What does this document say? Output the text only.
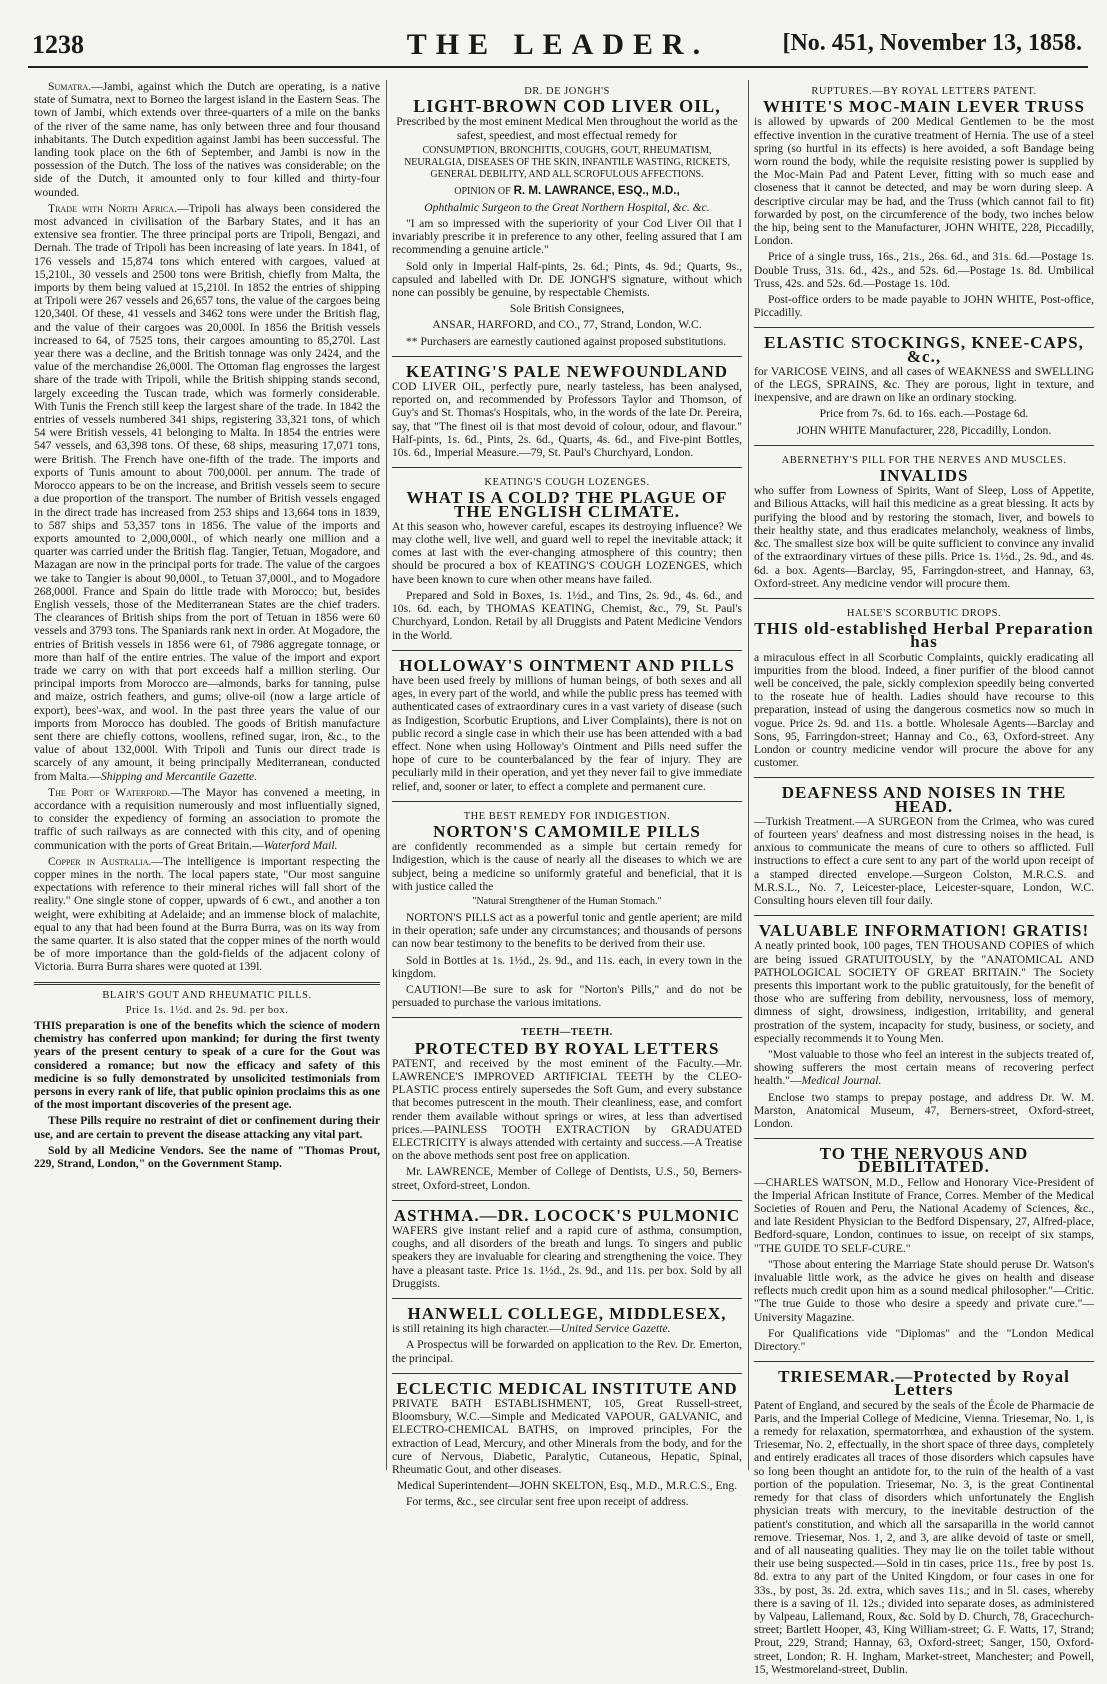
1238	THE LEADER.	[No. 451, November 13, 1858.

Sumatra.—Jambi, against which the Dutch are operating, is a native state of Sumatra, next to Borneo the largest island in the Eastern Seas. The town of Jambi, which extends over three-quarters of a mile on the banks of the river of the same name, has only between three and four thousand inhabitants. The Dutch expedition against Jambi has been successful. The landing took place on the 6th of September, and Jambi is now in the possession of the Dutch. The loss of the natives was considerable; on the side of the Dutch, it amounted only to four killed and thirty-four wounded.

Trade with North Africa.—Tripoli has always been considered the most advanced in civilisation of the Barbary States, and it has an extensive sea frontier. The three principal ports are Tripoli, Bengazi, and Dernah. The trade of Tripoli has been increasing of late years. In 1841, of 176 vessels and 15,874 tons which entered with cargoes, valued at 15,210l., 30 vessels and 2500 tons were British, chiefly from Malta, the imports by them being valued at 15,210l. In 1852 the entries of shipping at Tripoli were 267 vessels and 26,657 tons, the value of the cargoes being 120,340l. Of these, 41 vessels and 3462 tons were under the British flag, and the value of their cargoes was 20,000l. In 1856 the British vessels increased to 64, of 7525 tons, their cargoes amounting to 85,270l. Last year there was a decline, and the British tonnage was only 2424, and the value of the merchandise 26,000l. The Ottoman flag engrosses the largest share of the trade with Tripoli, while the British shipping stands second, largely exceeding the Tuscan trade, which was formerly considerable. With Tunis the French still keep the largest share of the trade. In 1842 the entries of vessels numbered 341 ships, registering 33,321 tons, of which 54 were British vessels, 41 belonging to Malta. In 1854 the entries were 547 vessels, and 63,398 tons. Of these, 68 ships, measuring 17,071 tons, were British. The French have one-fifth of the trade. The imports and exports of Tunis amount to about 700,000l. per annum. The trade of Morocco appears to be on the increase, and British vessels seem to secure a due proportion of the transport. The number of British vessels engaged in the direct trade has increased from 253 ships and 13,664 tons in 1839, to 587 ships and 53,357 tons in 1856. The value of the imports and exports amounted to 2,000,000l., of which nearly one million and a quarter was carried under the British flag. Tangier, Tetuan, Mogadore, and Mazagan are now in the principal ports for trade. The value of the cargoes we take to Tangier is about 90,000l., to Tetuan 37,000l., and to Mogadore 268,000l. France and Spain do little trade with Morocco; but, besides English vessels, those of the Mediterranean States are the chief traders. The clearances of British ships from the port of Tetuan in 1856 were 60 vessels and 3793 tons. The Spaniards rank next in order. At Mogadore, the entries of British vessels in 1856 were 61, of 7986 aggregate tonnage, or more than half of the entire entries. The value of the import and export trade we carry on with that port exceeds half a million sterling. Our principal imports from Morocco are—almonds, barks for tanning, pulse and maize, ostrich feathers, and gums; olive-oil (now a large article of export), bees'-wax, and wool. In the past three years the value of our imports from Morocco has doubled. The goods of British manufacture sent there are chiefly cottons, woollens, refined sugar, iron, &c., to the value of about 132,000l. With Tripoli and Tunis our direct trade is scarcely of any amount, it being principally Mediterranean, conducted from Malta.—Shipping and Mercantile Gazette.

The Port of Waterford.—The Mayor has convened a meeting, in accordance with a requisition numerously and most influentially signed, to consider the expediency of forming an association to promote the traffic of such railways as are connected with this city, and of opening communication with the ports of Great Britain.—Waterford Mail.

Copper in Australia.—The intelligence is important respecting the copper mines in the north. The local papers state, "Our most sanguine expectations with reference to their mineral riches will fall short of the reality." One single stone of copper, upwards of 6 cwt., and another a ton weight, were exhibiting at Adelaide; and an immense block of malachite, equal to any that had been found at the Burra Burra, was on its way from the same quarter. It is also stated that the copper mines of the north would be of more importance than the gold-fields of the adjacent colony of Victoria. Burra Burra shares were quoted at 139l.

BLAIR'S GOUT AND RHEUMATIC PILLS.
Price 1s. 1½d. and 2s. 9d. per box.

THIS preparation is one of the benefits which the science of modern chemistry has conferred upon mankind; for during the first twenty years of the present century to speak of a cure for the Gout was considered a romance; but now the efficacy and safety of this medicine is so fully demonstrated by unsolicited testimonials from persons in every rank of life, that public opinion proclaims this as one of the most important discoveries of the present age.

These Pills require no restraint of diet or confinement during their use, and are certain to prevent the disease attacking any vital part.

Sold by all Medicine Vendors. See the name of "Thomas Prout, 229, Strand, London," on the Government Stamp.

DR. DE JONGH'S
LIGHT-BROWN COD LIVER OIL,

Prescribed by the most eminent Medical Men throughout the world as the safest, speediest, and most effectual remedy for

CONSUMPTION, BRONCHITIS, COUGHS, GOUT, RHEUMATISM, NEURALGIA, DISEASES OF THE SKIN, INFANTILE WASTING, RICKETS, GENERAL DEBILITY, AND ALL SCROFULOUS AFFECTIONS.

OPINION OF R. M. LAWRANCE, ESQ., M.D.,

Ophthalmic Surgeon to the Great Northern Hospital, &c. &c.

"I am so impressed with the superiority of your Cod Liver Oil that I invariably prescribe it in preference to any other, feeling assured that I am recommending a genuine article."

Sold only in Imperial Half-pints, 2s. 6d.; Pints, 4s. 9d.; Quarts, 9s., capsuled and labelled with Dr. DE JONGH'S signature, without which none can possibly be genuine, by respectable Chemists.

Sole British Consignees,

ANSAR, HARFORD, and CO., 77, Strand, London, W.C.

** Purchasers are earnestly cautioned against proposed substitutions.

KEATING'S PALE NEWFOUNDLAND

COD LIVER OIL, perfectly pure, nearly tasteless, has been analysed, reported on, and recommended by Professors Taylor and Thomson, of Guy's and St. Thomas's Hospitals, who, in the words of the late Dr. Pereira, say, that "The finest oil is that most devoid of colour, odour, and flavour." Half-pints, 1s. 6d., Pints, 2s. 6d., Quarts, 4s. 6d., and Five-pint Bottles, 10s. 6d., Imperial Measure.—79, St. Paul's Churchyard, London.

KEATING'S COUGH LOZENGES.
WHAT IS A COLD? THE PLAGUE OF THE ENGLISH CLIMATE.

At this season who, however careful, escapes its destroying influence? We may clothe well, live well, and guard well to repel the inevitable attack; it comes at last with the ever-changing atmosphere of this country; then should be procured a box of KEATING'S COUGH LOZENGES, which have been known to cure when other means have failed.

Prepared and Sold in Boxes, 1s. 1½d., and Tins, 2s. 9d., 4s. 6d., and 10s. 6d. each, by THOMAS KEATING, Chemist, &c., 79, St. Paul's Churchyard, London. Retail by all Druggists and Patent Medicine Vendors in the World.

HOLLOWAY'S OINTMENT AND PILLS

have been used freely by millions of human beings, of both sexes and all ages, in every part of the world, and while the public press has teemed with authenticated cases of extraordinary cures in a vast variety of disease (such as Indigestion, Scorbutic Eruptions, and Liver Complaints), there is not on public record a single case in which their use has been attended with a bad effect. None when using Holloway's Ointment and Pills need suffer the hope of cure to be counterbalanced by the fear of injury. They are peculiarly mild in their operation, and yet they never fail to give immediate relief, and, sooner or later, to effect a complete and permanent cure.

THE BEST REMEDY FOR INDIGESTION.
NORTON'S CAMOMILE PILLS

are confidently recommended as a simple but certain remedy for Indigestion, which is the cause of nearly all the diseases to which we are subject, being a medicine so uniformly grateful and beneficial, that it is with justice called the

"Natural Strengthener of the Human Stomach."

NORTON'S PILLS act as a powerful tonic and gentle aperient; are mild in their operation; safe under any circumstances; and thousands of persons can now bear testimony to the benefits to be derived from their use.

Sold in Bottles at 1s. 1½d., 2s. 9d., and 11s. each, in every town in the kingdom.

CAUTION!—Be sure to ask for "Norton's Pills," and do not be persuaded to purchase the various imitations.

TEETH—TEETH.
PROTECTED BY ROYAL LETTERS

PATENT, and received by the most eminent of the Faculty.—Mr. LAWRENCE'S IMPROVED ARTIFICIAL TEETH by the CLEO-PLASTIC process entirely supersedes the Soft Gum, and every substance that becomes putrescent in the mouth. Their cleanliness, ease, and comfort render them available without springs or wires, at less than advertised prices.—PAINLESS TOOTH EXTRACTION by GRADUATED ELECTRICITY is always attended with certainty and success.—A Treatise on the above methods sent post free on application.

Mr. LAWRENCE, Member of College of Dentists, U.S., 50, Berners-street, Oxford-street, London.

ASTHMA.—DR. LOCOCK'S PULMONIC

WAFERS give instant relief and a rapid cure of asthma, consumption, coughs, and all disorders of the breath and lungs. To singers and public speakers they are invaluable for clearing and strengthening the voice. They have a pleasant taste. Price 1s. 1½d., 2s. 9d., and 11s. per box. Sold by all Druggists.

HANWELL COLLEGE, MIDDLESEX,

is still retaining its high character.—United Service Gazette.

A Prospectus will be forwarded on application to the Rev. Dr. Emerton, the principal.

ECLECTIC MEDICAL INSTITUTE AND

PRIVATE BATH ESTABLISHMENT, 105, Great Russell-street, Bloomsbury, W.C.—Simple and Medicated VAPOUR, GALVANIC, and ELECTRO-CHEMICAL BATHS, on improved principles, For the extraction of Lead, Mercury, and other Minerals from the body, and for the cure of Nervous, Diabetic, Paralytic, Cutaneous, Hepatic, Spinal, Rheumatic Gout, and other diseases.

Medical Superintendent—JOHN SKELTON, Esq., M.D., M.R.C.S., Eng.

For terms, &c., see circular sent free upon receipt of address.

RUPTURES.—BY ROYAL LETTERS PATENT.
WHITE'S MOC-MAIN LEVER TRUSS

is allowed by upwards of 200 Medical Gentlemen to be the most effective invention in the curative treatment of Hernia. The use of a steel spring (so hurtful in its effects) is here avoided, a soft Bandage being worn round the body, while the requisite resisting power is supplied by the Moc-Main Pad and Patent Lever, fitting with so much ease and closeness that it cannot be detected, and may be worn during sleep. A descriptive circular may be had, and the Truss (which cannot fail to fit) forwarded by post, on the circumference of the body, two inches below the hip, being sent to the Manufacturer, JOHN WHITE, 228, Piccadilly, London.

Price of a single truss, 16s., 21s., 26s. 6d., and 31s. 6d.—Postage 1s. Double Truss, 31s. 6d., 42s., and 52s. 6d.—Postage 1s. 8d. Umbilical Truss, 42s. and 52s. 6d.—Postage 1s. 10d.

Post-office orders to be made payable to JOHN WHITE, Post-office, Piccadilly.

ELASTIC STOCKINGS, KNEE-CAPS, &c.,

for VARICOSE VEINS, and all cases of WEAKNESS and SWELLING of the LEGS, SPRAINS, &c. They are porous, light in texture, and inexpensive, and are drawn on like an ordinary stocking.

Price from 7s. 6d. to 16s. each.—Postage 6d.

JOHN WHITE Manufacturer, 228, Piccadilly, London.

ABERNETHY'S PILL FOR THE NERVES AND MUSCLES.
INVALIDS

who suffer from Lowness of Spirits, Want of Sleep, Loss of Appetite, and Bilious Attacks, will hail this medicine as a great blessing. It acts by purifying the blood and by restoring the stomach, liver, and bowels to their healthy state, and thus eradicates melancholy, weakness of limbs, &c. The smallest size box will be quite sufficient to convince any invalid of the extraordinary virtues of these pills. Price 1s. 1½d., 2s. 9d., and 4s. 6d. a box. Agents—Barclay, 95, Farringdon-street, and Hannay, 63, Oxford-street. Any medicine vendor will procure them.

HALSE'S SCORBUTIC DROPS.
THIS old-established Herbal Preparation has

a miraculous effect in all Scorbutic Complaints, quickly eradicating all impurities from the blood. Indeed, a finer purifier of the blood cannot well be conceived, the pale, sickly complexion speedily being converted to the roseate hue of health. Ladies should have recourse to this preparation, instead of using the dangerous cosmetics now so much in vogue. Price 2s. 9d. and 11s. a bottle. Wholesale Agents—Barclay and Sons, 95, Farringdon-street; Hannay and Co., 63, Oxford-street. Any London or country medicine vendor will procure the above for any customer.

DEAFNESS AND NOISES IN THE HEAD.

—Turkish Treatment.—A SURGEON from the Crimea, who was cured of fourteen years' deafness and most distressing noises in the head, is anxious to communicate the means of cure to others so afflicted. Full instructions to effect a cure sent to any part of the world upon receipt of a stamped directed envelope.—Surgeon Colston, M.R.C.S. and M.R.S.L., No. 7, Leicester-place, Leicester-square, London, W.C. Consulting hours eleven till four daily.

VALUABLE INFORMATION! GRATIS!

A neatly printed book, 100 pages, TEN THOUSAND COPIES of which are being issued GRATUITOUSLY, by the "ANATOMICAL AND PATHOLOGICAL SOCIETY OF GREAT BRITAIN." The Society presents this important work to the public gratuitously, for the benefit of those who are suffering from debility, nervousness, loss of memory, dimness of sight, drowsiness, indigestion, irritability, and general prostration of the system, incapacity for study, business, or society, and especially recommends it to Young Men.

"Most valuable to those who feel an interest in the subjects treated of, showing sufferers the most certain means of recovering perfect health."—Medical Journal.

Enclose two stamps to prepay postage, and address Dr. W. M. Marston, Anatomical Museum, 47, Berners-street, Oxford-street, London.

TO THE NERVOUS AND DEBILITATED.

—CHARLES WATSON, M.D., Fellow and Honorary Vice-President of the Imperial African Institute of France, Corres. Member of the Medical Societies of Rouen and Peru, the National Academy of Sciences, &c., and late Resident Physician to the Bedford Dispensary, 27, Alfred-place, Bedford-square, London, continues to issue, on receipt of six stamps, "THE GUIDE TO SELF-CURE."

"Those about entering the Marriage State should peruse Dr. Watson's invaluable little work, as the advice he gives on health and disease reflects much credit upon him as a sound medical philosopher."—Critic. "The true Guide to those who desire a speedy and private cure."—University Magazine.

For Qualifications vide "Diplomas" and the "London Medical Directory."

TRIESEMAR.—Protected by Royal Letters

Patent of England, and secured by the seals of the École de Pharmacie de Paris, and the Imperial College of Medicine, Vienna. Triesemar, No. 1, is a remedy for relaxation, spermatorrhœa, and exhaustion of the system. Triesemar, No. 2, effectually, in the short space of three days, completely and entirely eradicates all traces of those disorders which capsules have so long been thought an antidote for, to the ruin of the health of a vast portion of the population. Triesemar, No. 3, is the great Continental remedy for that class of disorders which unfortunately the English physician treats with mercury, to the inevitable destruction of the patient's constitution, and which all the sarsaparilla in the world cannot remove. Triesemar, Nos. 1, 2, and 3, are alike devoid of taste or smell, and of all nauseating qualities. They may lie on the toilet table without their use being suspected.—Sold in tin cases, price 11s., free by post 1s. 8d. extra to any part of the United Kingdom, or four cases in one for 33s., by post, 3s. 2d. extra, which saves 11s.; and in 5l. cases, whereby there is a saving of 1l. 12s.; divided into separate doses, as administered by Valpeau, Lallemand, Roux, &c. Sold by D. Church, 78, Gracechurch-street; Bartlett Hooper, 43, King William-street; G. F. Watts, 17, Strand; Prout, 229, Strand; Hannay, 63, Oxford-street; Sanger, 150, Oxford-street, London; R. H. Ingham, Market-street, Manchester; and Powell, 15, Westmoreland-street, Dublin.
